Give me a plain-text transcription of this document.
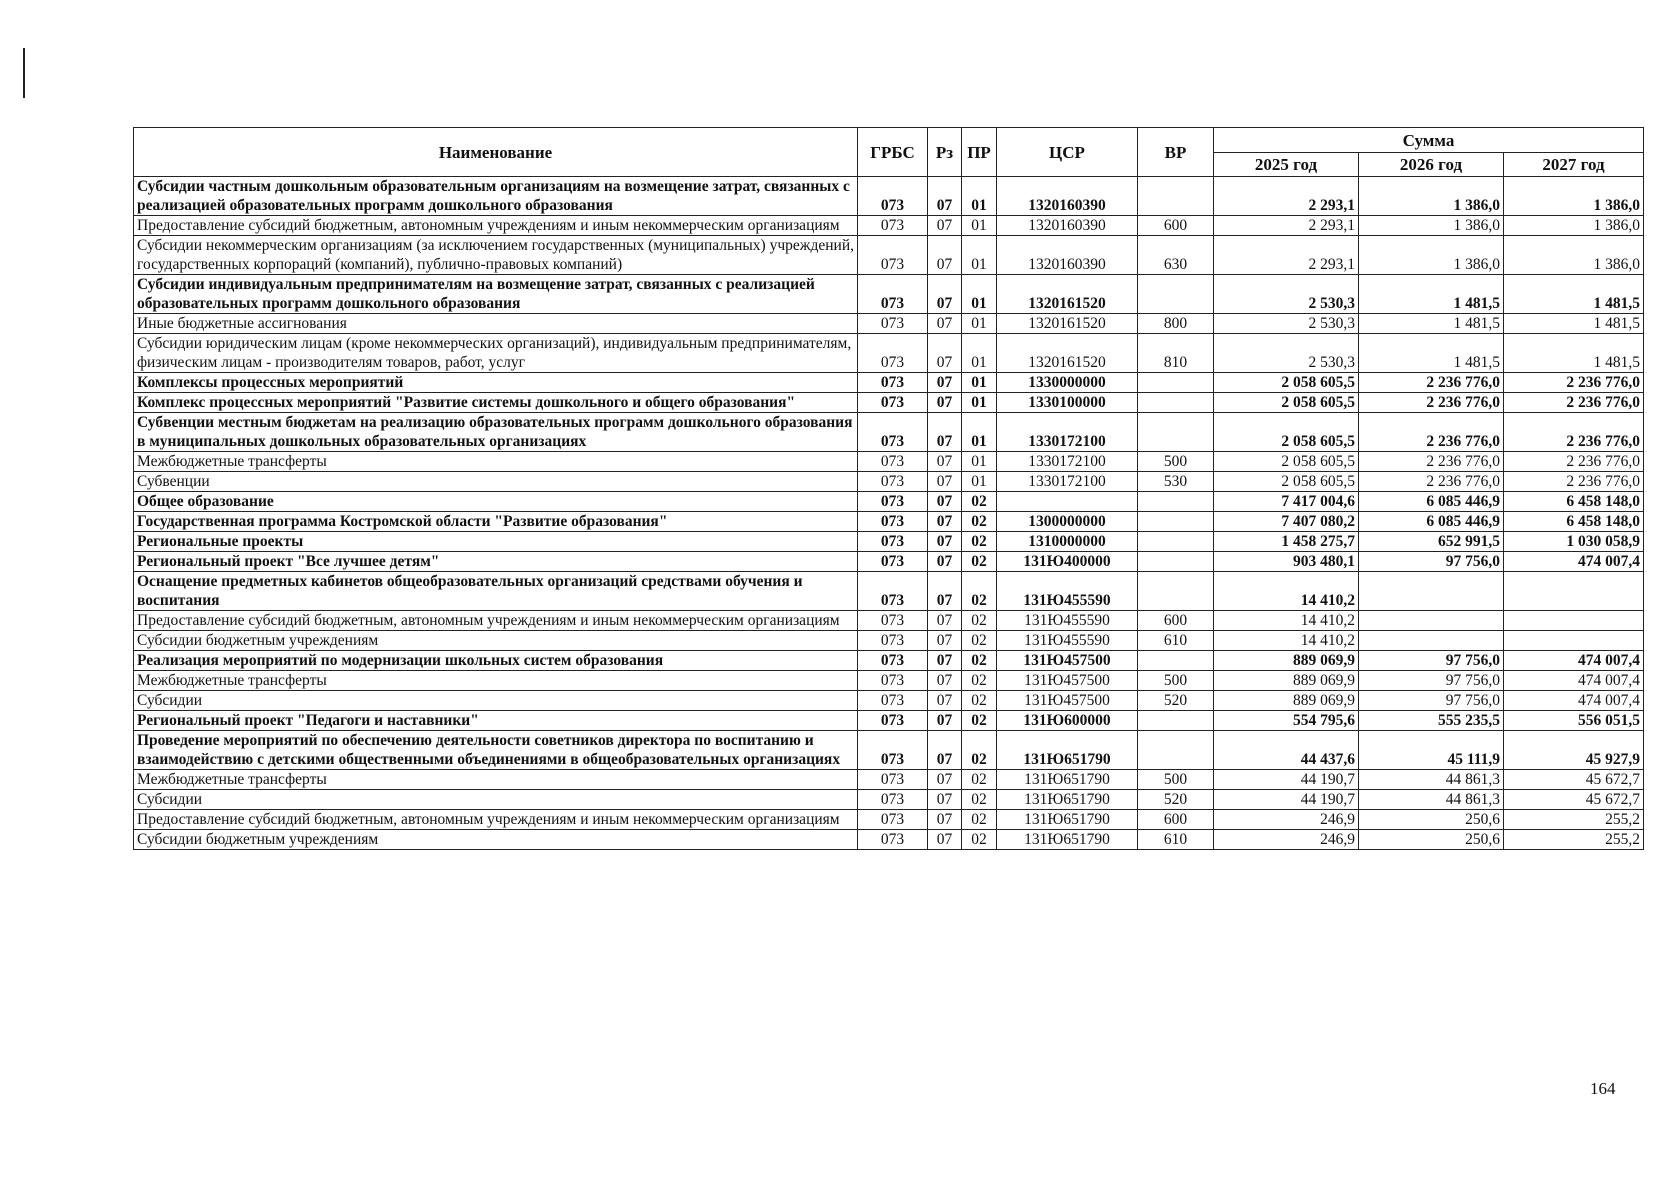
Наименование	ГРБС	Рз	ПР	ЦСР	ВР	Сумма		
						2025 год	2026 год	2027 год
Субсидии частным дошкольным образовательным организациям на возмещение затрат, связанных с реализацией образовательных программ дошкольного образования	073	07	01	1320160390		2 293,1	1 386,0	1 386,0
Предоставление субсидий бюджетным, автономным учреждениям и иным некоммерческим организациям	073	07	01	1320160390	600	2 293,1	1 386,0	1 386,0
Субсидии некоммерческим организациям (за исключением государственных (муниципальных) учреждений, государственных корпораций (компаний), публично-правовых компаний)	073	07	01	1320160390	630	2 293,1	1 386,0	1 386,0
Субсидии индивидуальным предпринимателям на возмещение затрат, связанных с реализацией образовательных программ дошкольного образования	073	07	01	1320161520		2 530,3	1 481,5	1 481,5
Иные бюджетные ассигнования	073	07	01	1320161520	800	2 530,3	1 481,5	1 481,5
Субсидии юридическим лицам (кроме некоммерческих организаций), индивидуальным предпринимателям, физическим лицам - производителям товаров, работ, услуг	073	07	01	1320161520	810	2 530,3	1 481,5	1 481,5
Комплексы процессных мероприятий	073	07	01	1330000000		2 058 605,5	2 236 776,0	2 236 776,0
Комплекс процессных мероприятий "Развитие системы дошкольного и общего образования"	073	07	01	1330100000		2 058 605,5	2 236 776,0	2 236 776,0
Субвенции местным бюджетам на реализацию образовательных программ дошкольного образования в муниципальных дошкольных образовательных организациях	073	07	01	1330172100		2 058 605,5	2 236 776,0	2 236 776,0
Межбюджетные трансферты	073	07	01	1330172100	500	2 058 605,5	2 236 776,0	2 236 776,0
Субвенции	073	07	01	1330172100	530	2 058 605,5	2 236 776,0	2 236 776,0
Общее образование	073	07	02			7 417 004,6	6 085 446,9	6 458 148,0
Государственная программа Костромской области "Развитие образования"	073	07	02	1300000000		7 407 080,2	6 085 446,9	6 458 148,0
Региональные проекты	073	07	02	1310000000		1 458 275,7	652 991,5	1 030 058,9
Региональный проект "Все лучшее детям"	073	07	02	131Ю400000		903 480,1	97 756,0	474 007,4
Оснащение предметных кабинетов общеобразовательных организаций средствами обучения и воспитания	073	07	02	131Ю455590		14 410,2		
Предоставление субсидий бюджетным, автономным учреждениям и иным некоммерческим организациям	073	07	02	131Ю455590	600	14 410,2		
Субсидии бюджетным учреждениям	073	07	02	131Ю455590	610	14 410,2		
Реализация мероприятий по модернизации школьных систем образования	073	07	02	131Ю457500		889 069,9	97 756,0	474 007,4
Межбюджетные трансферты	073	07	02	131Ю457500	500	889 069,9	97 756,0	474 007,4
Субсидии	073	07	02	131Ю457500	520	889 069,9	97 756,0	474 007,4
Региональный проект "Педагоги и наставники"	073	07	02	131Ю600000		554 795,6	555 235,5	556 051,5
Проведение мероприятий по обеспечению деятельности советников директора по воспитанию и взаимодействию с детскими общественными объединениями в общеобразовательных организациях	073	07	02	131Ю651790		44 437,6	45 111,9	45 927,9
Межбюджетные трансферты	073	07	02	131Ю651790	500	44 190,7	44 861,3	45 672,7
Субсидии	073	07	02	131Ю651790	520	44 190,7	44 861,3	45 672,7
Предоставление субсидий бюджетным, автономным учреждениям и иным некоммерческим организациям	073	07	02	131Ю651790	600	246,9	250,6	255,2
Субсидии бюджетным учреждениям	073	07	02	131Ю651790	610	246,9	250,6	255,2
164
